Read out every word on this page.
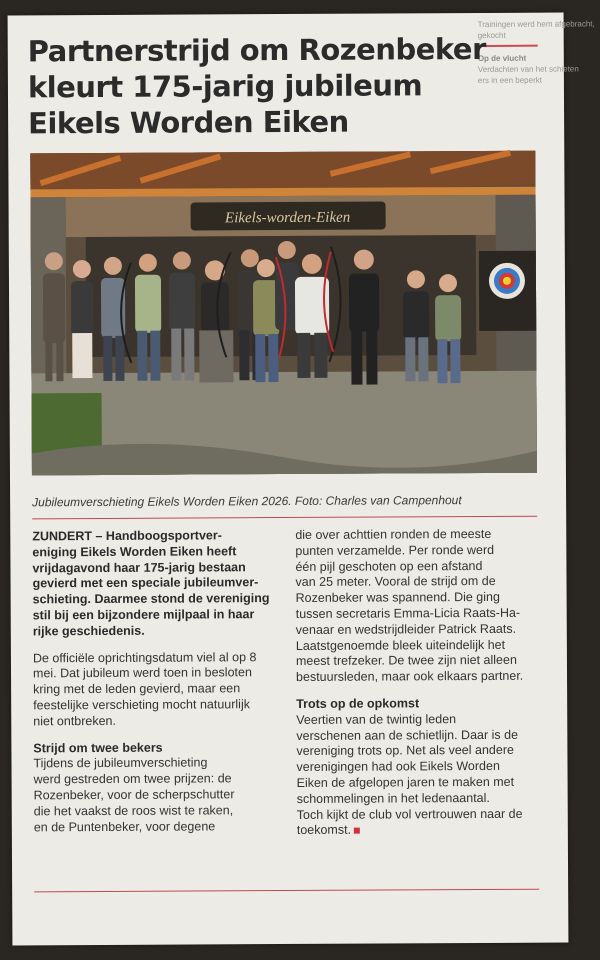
Trainingen werd hem afgebracht,
gekocht
Op de vlucht
Verdachten van het schieten
ers in een beperkt
Partnerstrijd om Rozenbeker
kleurt 175-jarig jubileum
Eikels Worden Eiken
Eikels-worden-Eiken
Jubileumverschieting Eikels Worden Eiken 2026. Foto: Charles van Campenhout
ZUNDERT – Handboogsportver-
eniging Eikels Worden Eiken heeft
vrijdagavond haar 175-jarig bestaan
gevierd met een speciale jubileumver-
schieting. Daarmee stond de vereniging
stil bij een bijzondere mijlpaal in haar
rijke geschiedenis.
De officiële oprichtingsdatum viel al op 8
mei. Dat jubileum werd toen in besloten
kring met de leden gevierd, maar een
feestelijke verschieting mocht natuurlijk
niet ontbreken.
Strijd om twee bekers
Tijdens de jubileumverschieting
werd gestreden om twee prijzen: de
Rozenbeker, voor de scherpschutter
die het vaakst de roos wist te raken,
en de Puntenbeker, voor degene
die over achttien ronden de meeste
punten verzamelde. Per ronde werd
één pijl geschoten op een afstand
van 25 meter. Vooral de strijd om de
Rozenbeker was spannend. Die ging
tussen secretaris Emma-Licia Raats-Ha-
venaar en wedstrijdleider Patrick Raats.
Laatstgenoemde bleek uiteindelijk het
meest trefzeker. De twee zijn niet alleen
bestuursleden, maar ook elkaars partner.
Trots op de opkomst
Veertien van de twintig leden
verschenen aan de schietlijn. Daar is de
vereniging trots op. Net als veel andere
verenigingen had ook Eikels Worden
Eiken de afgelopen jaren te maken met
schommelingen in het ledenaantal.
Toch kijkt de club vol vertrouwen naar de
toekomst.
